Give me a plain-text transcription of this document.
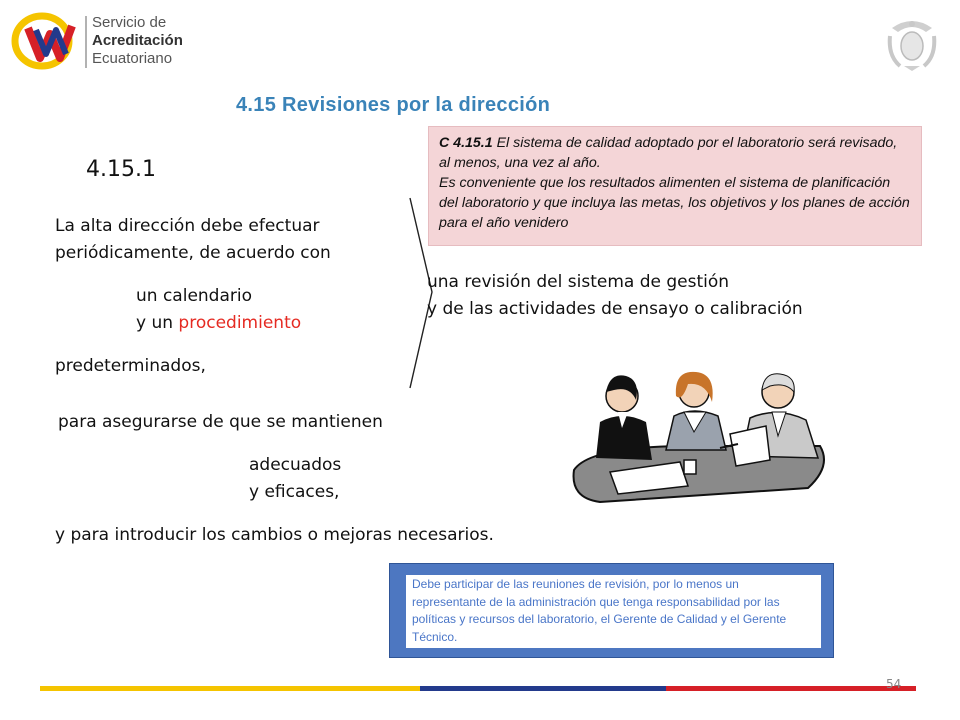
Servicio de
Acreditación
Ecuatoriano
4.15 Revisiones por la dirección
4.15.1
La alta dirección debe efectuar
periódicamente, de acuerdo con
un calendario
y un procedimiento
predeterminados,
para asegurarse de que se mantienen
adecuados
y eficaces,
y para introducir los cambios o mejoras necesarios.
una revisión del sistema de gestión
y de las actividades de ensayo o calibración
C 4.15.1 El sistema de calidad adoptado por el laboratorio será revisado, al menos, una vez al año.
Es conveniente que los resultados alimenten el sistema de planificación del laboratorio y que incluya las metas, los objetivos y los planes de acción para el año venidero
Debe participar de las reuniones de revisión, por lo menos un representante de la administración que tenga responsabilidad por las políticas y recursos del laboratorio, el Gerente de Calidad y el Gerente Técnico.
54
